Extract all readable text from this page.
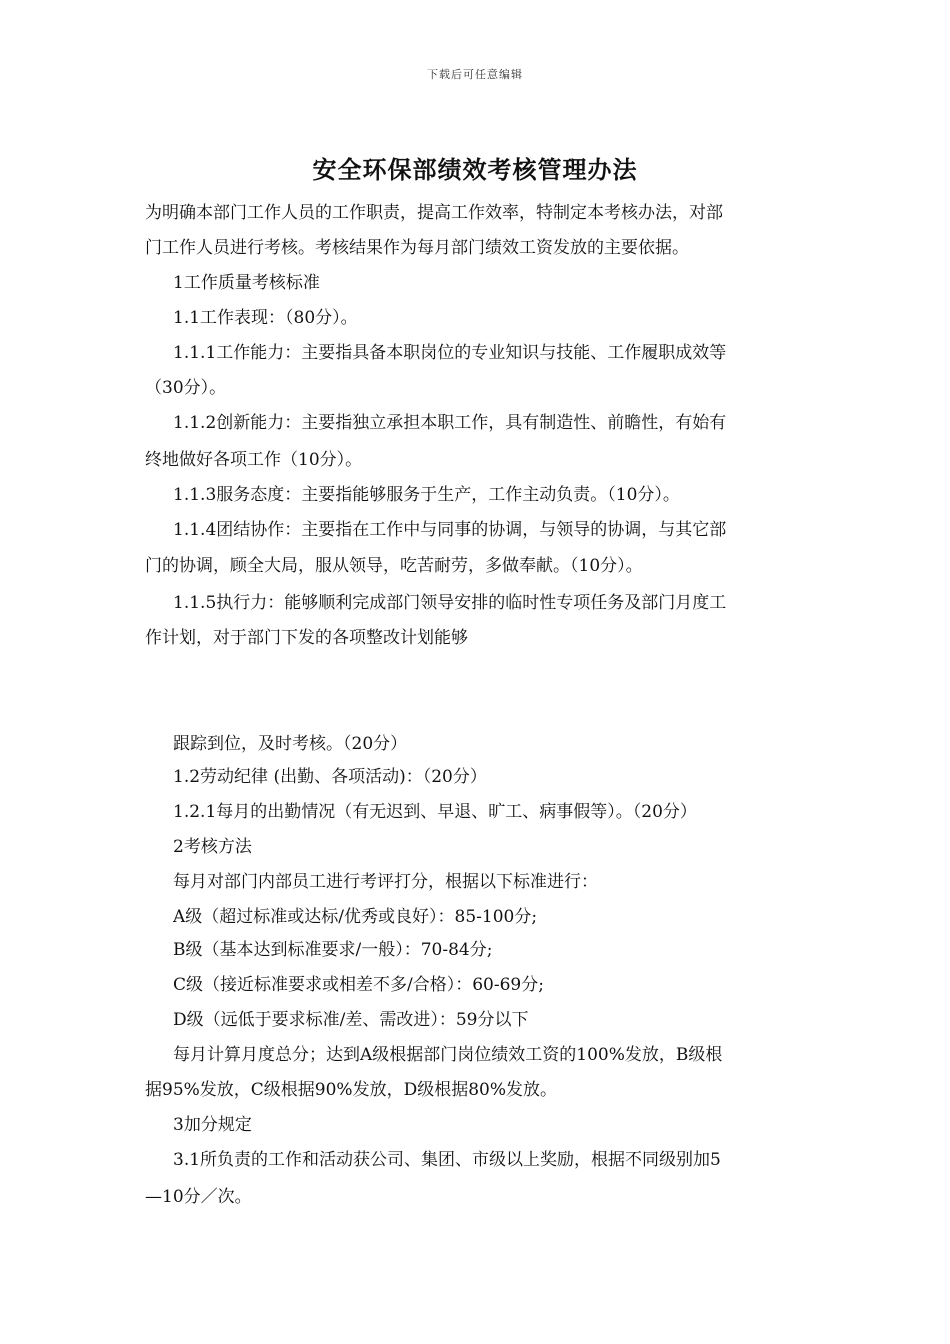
下载后可任意编辑
安全环保部绩效考核管理办法
为明确本部门工作人员的工作职责，提高工作效率，特制定本考核办法，对部
门工作人员进行考核。考核结果作为每月部门绩效工资发放的主要依据。
1工作质量考核标准
1.1工作表现：（80分）。
1.1.1工作能力：主要指具备本职岗位的专业知识与技能、工作履职成效等
（30分）。
1.1.2创新能力：主要指独立承担本职工作，具有制造性、前瞻性，有始有
终地做好各项工作（10分）。
1.1.3服务态度：主要指能够服务于生产，工作主动负责。（10分）。
1.1.4团结协作：主要指在工作中与同事的协调，与领导的协调，与其它部
门的协调，顾全大局，服从领导，吃苦耐劳，多做奉献。（10分）。
1.1.5执行力：能够顺利完成部门领导安排的临时性专项任务及部门月度工
作计划，对于部门下发的各项整改计划能够
跟踪到位，及时考核。（20分）
1.2劳动纪律 (出勤、各项活动)：（20分）
1.2.1每月的出勤情况（有无迟到、早退、旷工、病事假等）。（20分）
2考核方法
每月对部门内部员工进行考评打分，根据以下标准进行：
A级（超过标准或达标/优秀或良好）：85-100分;
B级（基本达到标准要求/一般）：70-84分;
C级（接近标准要求或相差不多/合格）：60-69分;
D级（远低于要求标准/差、需改进）：59分以下
每月计算月度总分；达到A级根据部门岗位绩效工资的100%发放，B级根
据95%发放，C级根据90%发放，D级根据80%发放。
3加分规定
3.1所负责的工作和活动获公司、集团、市级以上奖励，根据不同级别加5
—10分／次。
